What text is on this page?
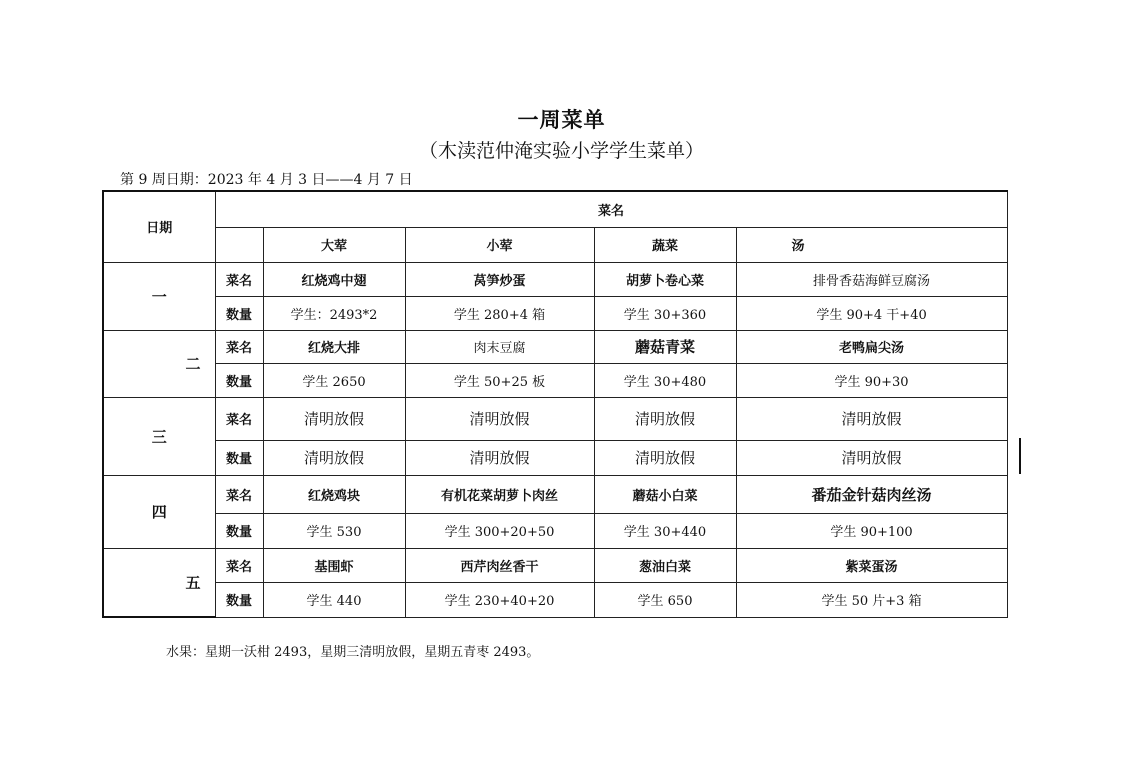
一周菜单
（木渎范仲淹实验小学学生菜单）
第 9 周日期：2023 年 4 月 3 日——4 月 7 日
日期	菜名				
		大荤	小荤	蔬菜	汤
一	菜名	红烧鸡中翅	莴笋炒蛋	胡萝卜卷心菜	排骨香菇海鲜豆腐汤
	数量	学生：2493*2	学生 280+4 箱	学生 30+360	学生 90+4 干+40
二	菜名	红烧大排	肉末豆腐	蘑菇青菜	老鸭扁尖汤
	数量	学生 2650	学生 50+25 板	学生 30+480	学生 90+30
三	菜名	清明放假	清明放假	清明放假	清明放假
	数量	清明放假	清明放假	清明放假	清明放假
四	菜名	红烧鸡块	有机花菜胡萝卜肉丝	蘑菇小白菜	番茄金针菇肉丝汤
	数量	学生 530	学生 300+20+50	学生 30+440	学生 90+100
五	菜名	基围虾	西芹肉丝香干	葱油白菜	紫菜蛋汤
	数量	学生 440	学生 230+40+20	学生 650	学生 50 片+3 箱
水果：星期一沃柑 2493，星期三清明放假，星期五青枣 2493。
